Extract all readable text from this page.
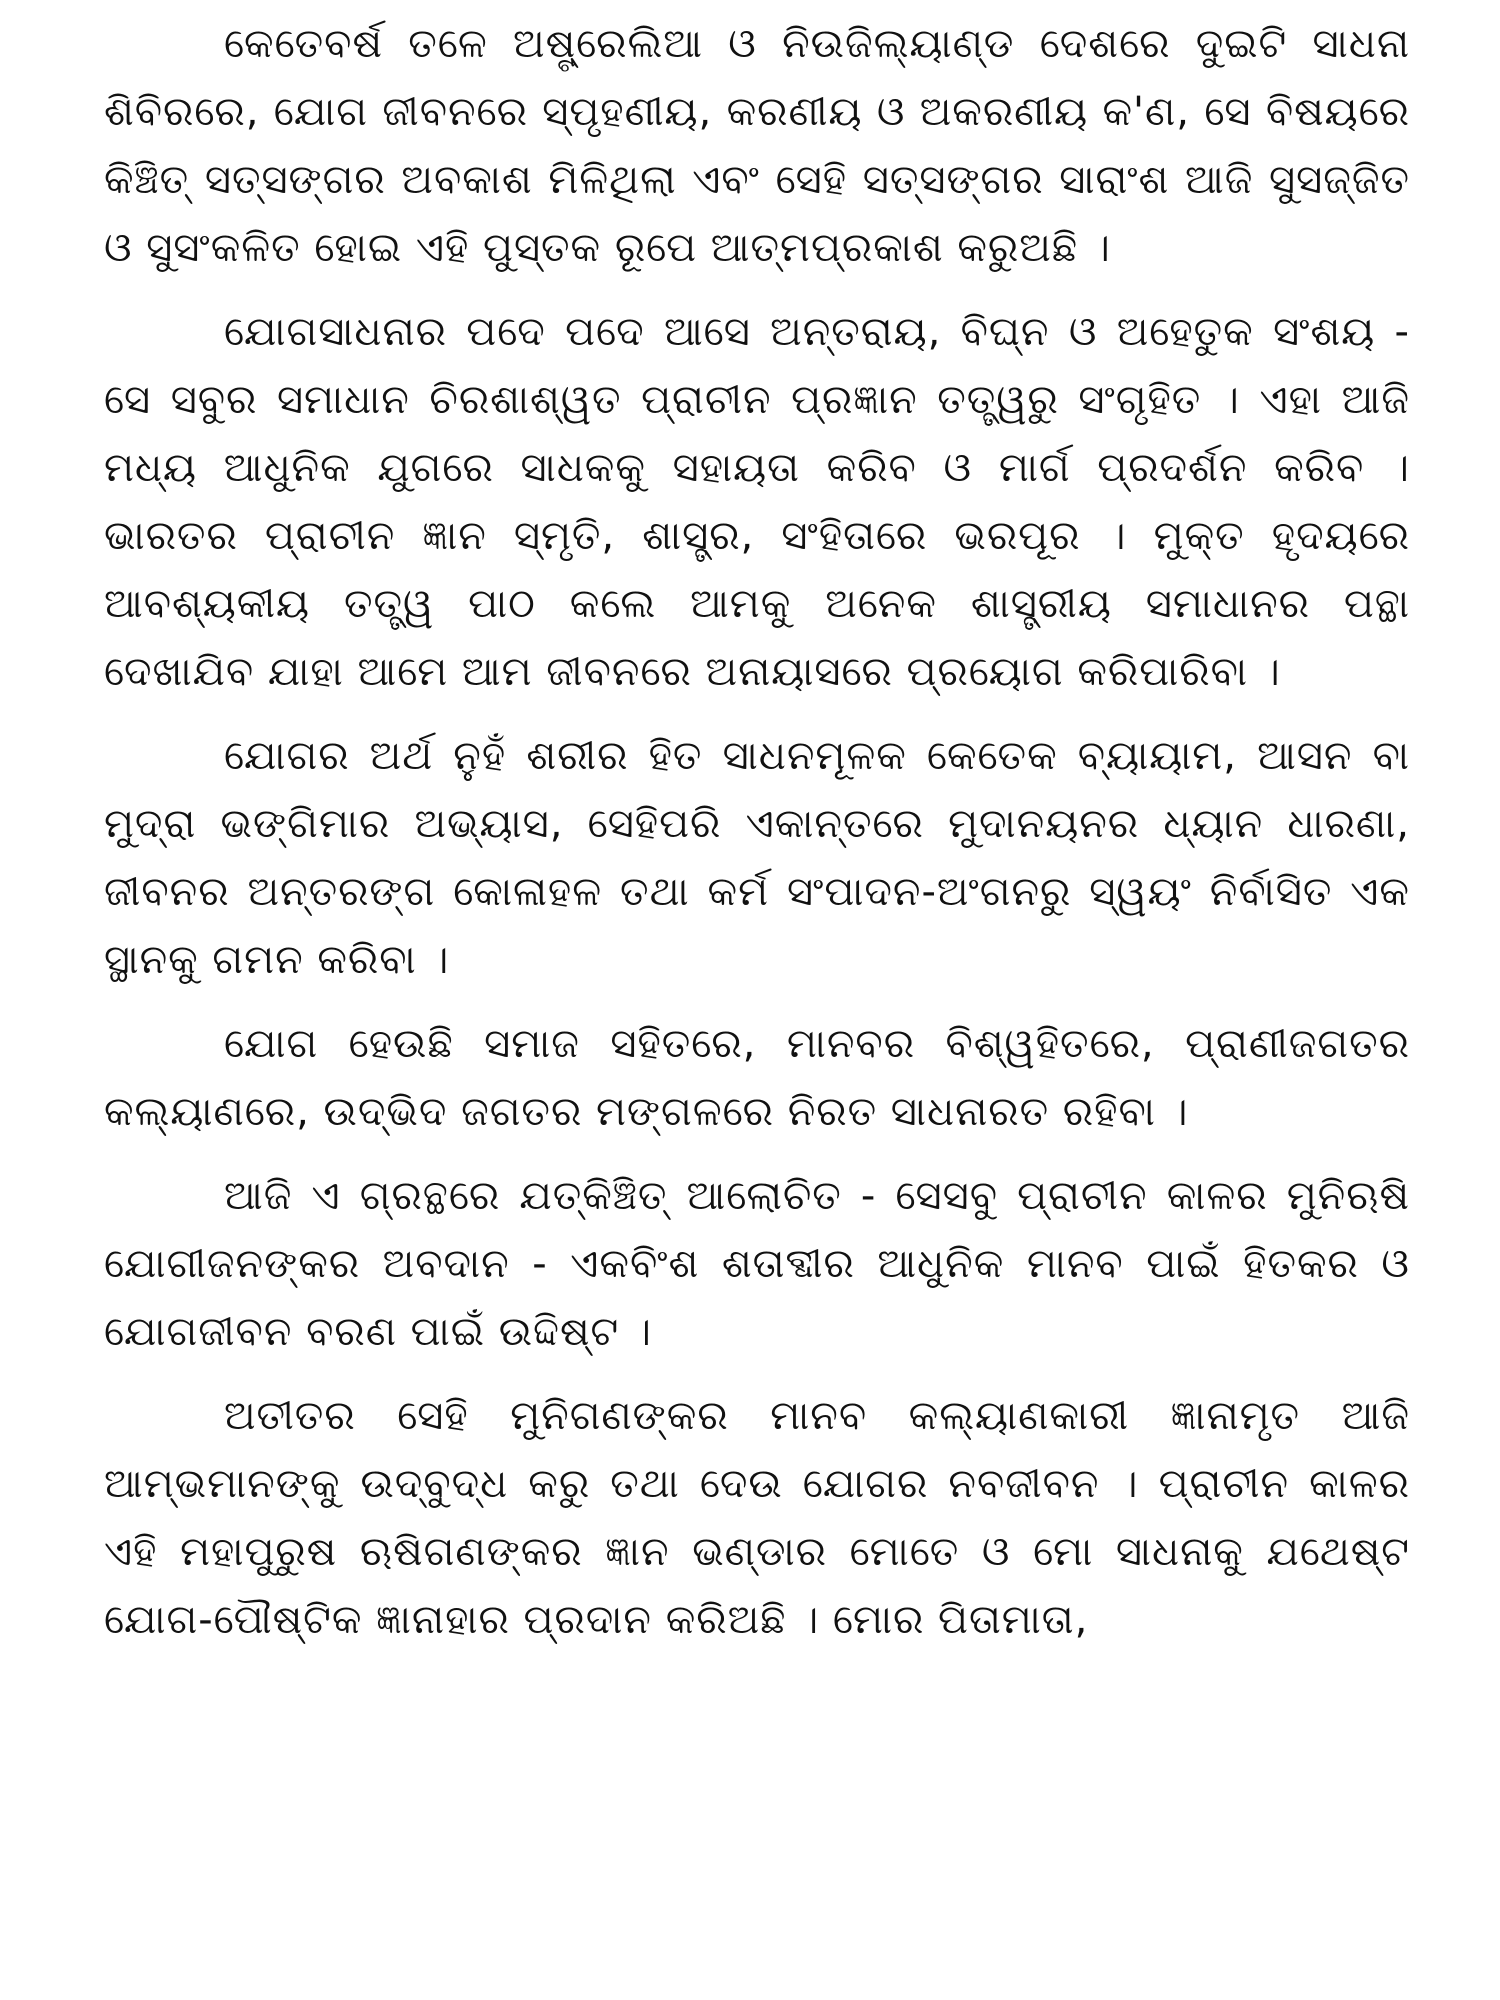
କେତେବର୍ଷ ତଳେ ଅଷ୍ଟ୍ରେଲିଆ ଓ ନିଉଜିଲ୍ୟାଣ୍ଡ ଦେଶରେ ଦୁଇଟି ସାଧନା ଶିବିରରେ, ଯୋଗ ଜୀବନରେ ସ୍ପୃହଣୀୟ, କରଣୀୟ ଓ ଅକରଣୀୟ କ'ଣ, ସେ ବିଷୟରେ କିଞ୍ଚିତ୍ ସତ୍‌ସଙ୍ଗର ଅବକାଶ ମିଳିଥିଲା ଏବଂ ସେହି ସତ୍‌ସଙ୍ଗର ସାରାଂଶ ଆଜି ସୁସଜ୍ଜିତ ଓ ସୁସଂକଳିତ ହୋଇ ଏହି ପୁସ୍ତକ ରୂପେ ଆତ୍ମପ୍ରକାଶ କରୁଅଛି ।

ଯୋଗସାଧନାର ପଦେ ପଦେ ଆସେ ଅନ୍ତରାୟ, ବିଘ୍ନ ଓ ଅହେତୁକ ସଂଶୟ - ସେ ସବୁର ସମାଧାନ ଚିରଶାଶ୍ୱତ ପ୍ରାଚୀନ ପ୍ରଜ୍ଞାନ ତତ୍ତ୍ୱରୁ ସଂଗୃହିତ । ଏହା ଆଜି ମଧ୍ୟ ଆଧୁନିକ ଯୁଗରେ ସାଧକକୁ ସହାୟତା କରିବ ଓ ମାର୍ଗ ପ୍ରଦର୍ଶନ କରିବ । ଭାରତର ପ୍ରାଚୀନ ଜ୍ଞାନ ସ୍ମୃତି, ଶାସ୍ତ୍ର, ସଂହିତାରେ ଭରପୂର । ମୁକ୍ତ ହୃଦୟରେ ଆବଶ୍ୟକୀୟ ତତ୍ତ୍ୱ ପାଠ କଲେ ଆମକୁ ଅନେକ ଶାସ୍ତ୍ରୀୟ ସମାଧାନର ପନ୍ଥା ଦେଖାଯିବ ଯାହା ଆମେ ଆମ ଜୀବନରେ ଅନାୟାସରେ ପ୍ରୟୋଗ କରିପାରିବା ।

ଯୋଗର ଅର୍ଥ ନୁହଁ ଶରୀର ହିତ ସାଧନମୂଳକ କେତେକ ବ୍ୟାୟାମ, ଆସନ ବା ମୁଦ୍ରା ଭଙ୍ଗିମାର ଅଭ୍ୟାସ, ସେହିପରି ଏକାନ୍ତରେ ମୁଦାନୟନର ଧ୍ୟାନ ଧାରଣା, ଜୀବନର ଅନ୍ତରଙ୍ଗ କୋଳାହଳ ତଥା କର୍ମ ସଂପାଦନ-ଅଂଗନରୁ ସ୍ୱୟଂ ନିର୍ବାସିତ ଏକ ସ୍ଥାନକୁ ଗମନ କରିବା ।

ଯୋଗ ହେଉଛି ସମାଜ ସହିତରେ, ମାନବର ବିଶ୍ୱହିତରେ, ପ୍ରାଣୀଜଗତର କଲ୍ୟାଣରେ, ଉଦ୍ଭିଦ ଜଗତର ମଙ୍ଗଳରେ ନିରତ ସାଧନାରତ ରହିବା ।

ଆଜି ଏ ଗ୍ରନ୍ଥରେ ଯତ୍‌କିଞ୍ଚିତ୍ ଆଲୋଚିତ - ସେସବୁ ପ୍ରାଚୀନ କାଳର ମୁନିଋଷି ଯୋଗୀଜନଙ୍କର ଅବଦାନ - ଏକବିଂଶ ଶତାବ୍ଦୀର ଆଧୁନିକ ମାନବ ପାଇଁ ହିତକର ଓ ଯୋଗଜୀବନ ବରଣ ପାଇଁ ଉଦ୍ଦିଷ୍ଟ ।

ଅତୀତର ସେହି ମୁନିଗଣଙ୍କର ମାନବ କଲ୍ୟାଣକାରୀ ଜ୍ଞାନାମୃତ ଆଜି ଆମ୍ଭମାନଙ୍କୁ ଉଦ୍‌ବୁଦ୍ଧ କରୁ ତଥା ଦେଉ ଯୋଗର ନବଜୀବନ । ପ୍ରାଚୀନ କାଳର ଏହି ମହାପୁରୁଷ ଋଷିଗଣଙ୍କର ଜ୍ଞାନ ଭଣ୍ଡାର ମୋତେ ଓ ମୋ ସାଧନାକୁ ଯଥେଷ୍ଟ ଯୋଗ-ପୌଷ୍ଟିକ ଜ୍ଞାନାହାର ପ୍ରଦାନ କରିଅଛି । ମୋର ପିତାମାତା,
